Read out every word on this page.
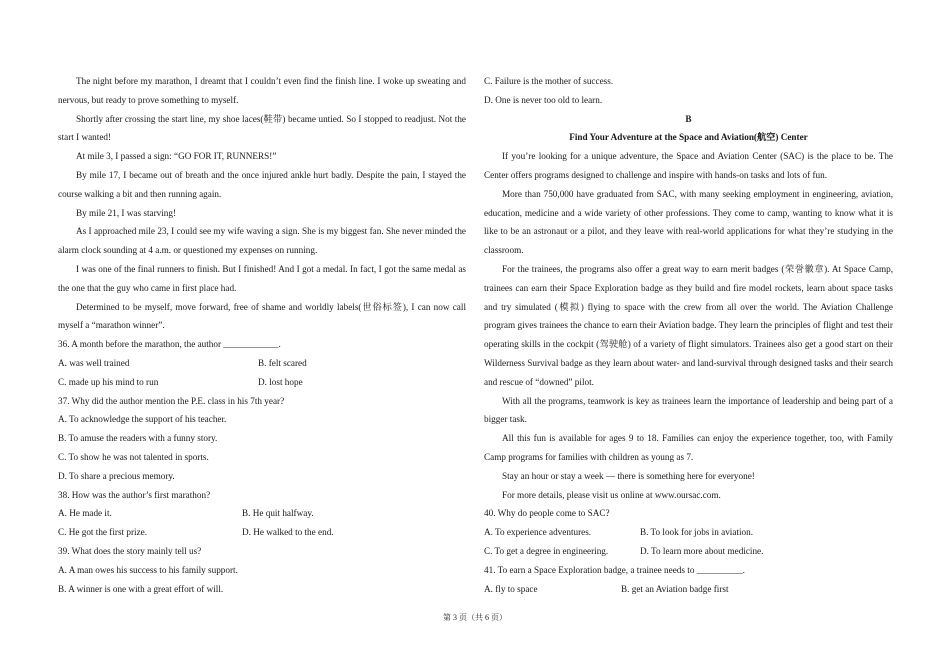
The night before my marathon, I dreamt that I couldn’t even find the finish line. I woke up sweating and nervous, but ready to prove something to myself.

Shortly after crossing the start line, my shoe laces(鞋带) became untied. So I stopped to readjust. Not the start I wanted!

At mile 3, I passed a sign: “GO FOR IT, RUNNERS!”

By mile 17, I became out of breath and the once injured ankle hurt badly. Despite the pain, I stayed the course walking a bit and then running again.

By mile 21, I was starving!

As I approached mile 23, I could see my wife waving a sign. She is my biggest fan. She never minded the alarm clock sounding at 4 a.m. or questioned my expenses on running.

I was one of the final runners to finish. But I finished! And I got a medal. In fact, I got the same medal as the one that the guy who came in first place had.

Determined to be myself, move forward, free of shame and worldly labels(世俗标签), I can now call myself a “marathon winner”.

36. A month before the marathon, the author ____________.

A. was well trained	B. felt scared
C. made up his mind to run	D. lost hope

37. Why did the author mention the P.E. class in his 7th year?

A. To acknowledge the support of his teacher.

B. To amuse the readers with a funny story.

C. To show he was not talented in sports.

D. To share a precious memory.

38. How was the author’s first marathon?

A. He made it.	B. He quit halfway.
C. He got the first prize.	D. He walked to the end.

39. What does the story mainly tell us?

A. A man owes his success to his family support.

B. A winner is one with a great effort of will.

C. Failure is the mother of success.

D. One is never too old to learn.

B

Find Your Adventure at the Space and Aviation(航空) Center

If you’re looking for a unique adventure, the Space and Aviation Center (SAC) is the place to be. The Center offers programs designed to challenge and inspire with hands-on tasks and lots of fun.

More than 750,000 have graduated from SAC, with many seeking employment in engineering, aviation, education, medicine and a wide variety of other professions. They come to camp, wanting to know what it is like to be an astronaut or a pilot, and they leave with real-world applications for what they’re studying in the classroom.

For the trainees, the programs also offer a great way to earn merit badges (荣誉徽章). At Space Camp, trainees can earn their Space Exploration badge as they build and fire model rockets, learn about space tasks and try simulated (模拟) flying to space with the crew from all over the world. The Aviation Challenge program gives trainees the chance to earn their Aviation badge. They learn the principles of flight and test their operating skills in the cockpit (驾驶舱) of a variety of flight simulators. Trainees also get a good start on their Wilderness Survival badge as they learn about water- and land-survival through designed tasks and their search and rescue of “downed” pilot.

With all the programs, teamwork is key as trainees learn the importance of leadership and being part of a bigger task.

All this fun is available for ages 9 to 18. Families can enjoy the experience together, too, with Family Camp programs for families with children as young as 7.

Stay an hour or stay a week — there is something here for everyone!

For more details, please visit us online at www.oursac.com.

40. Why do people come to SAC?

A. To experience adventures.	B. To look for jobs in aviation.
C. To get a degree in engineering.	D. To learn more about medicine.

41. To earn a Space Exploration badge, a trainee needs to __________.

A. fly to space	B. get an Aviation badge first
第 3 页（共 6 页）
